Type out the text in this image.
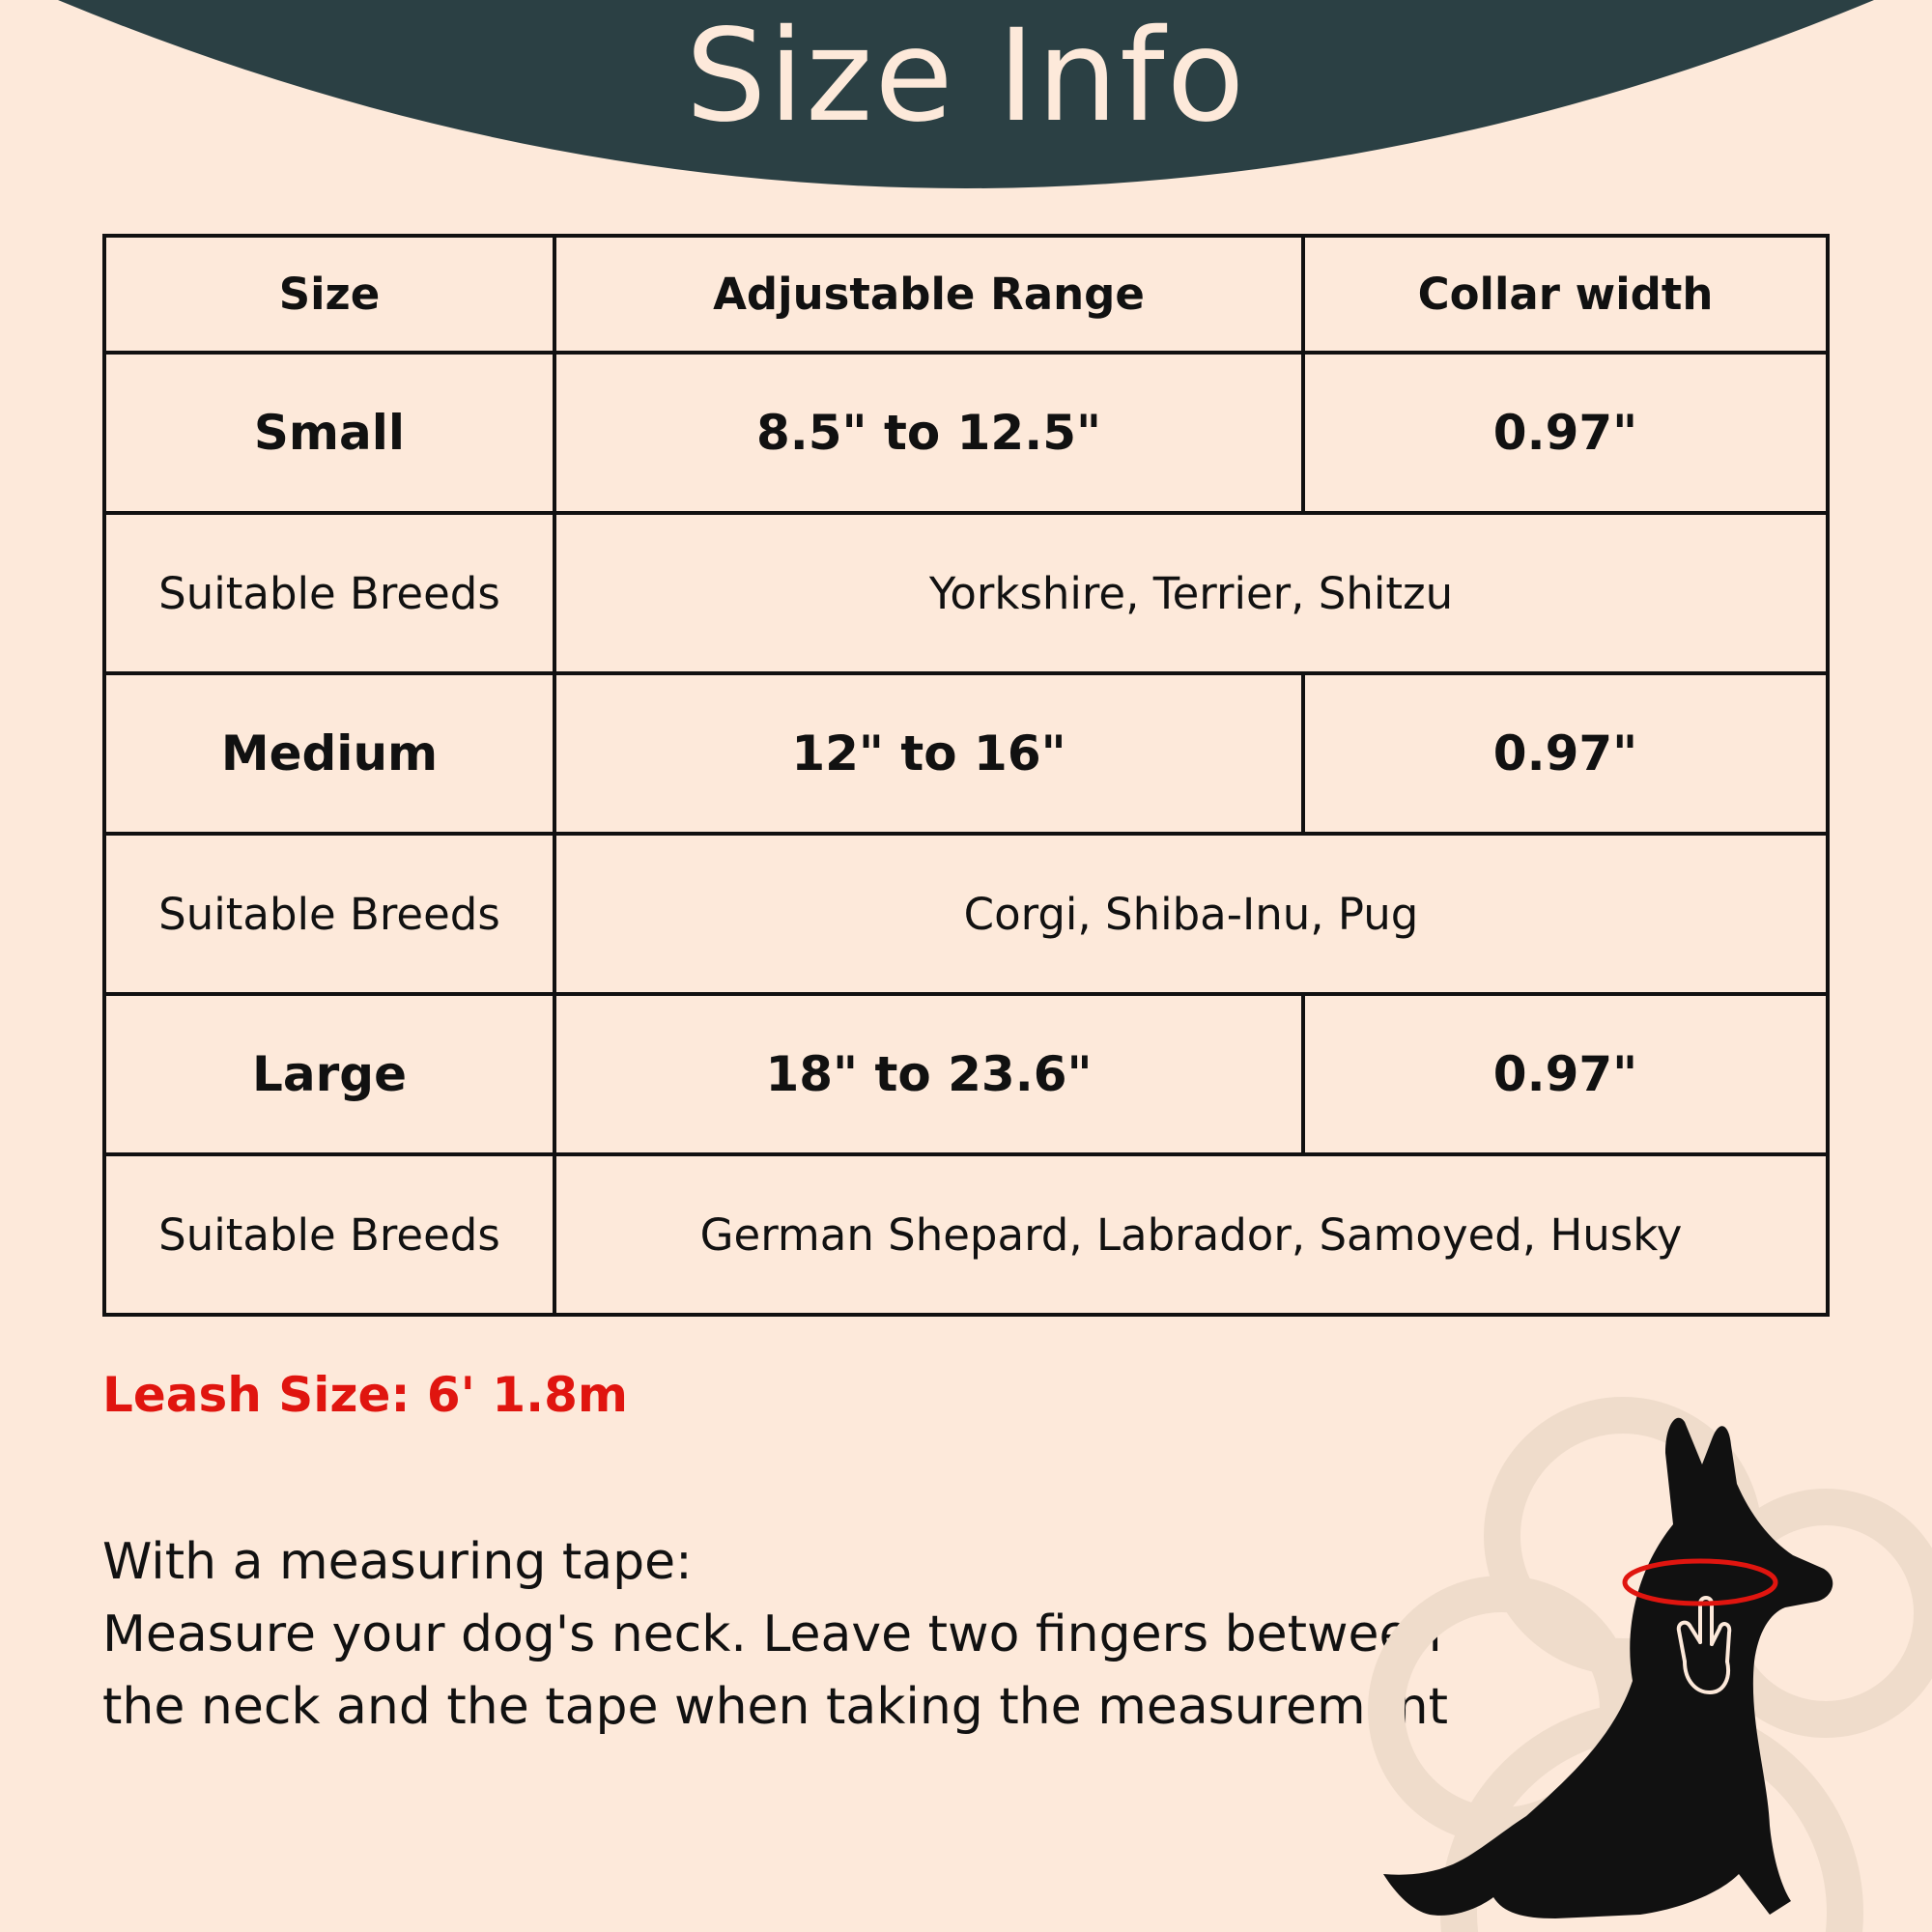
Size Info
Size	Adjustable Range	Collar width
Small	8.5" to 12.5"	0.97"
Suitable Breeds	Yorkshire, Terrier, Shitzu	
Medium	12" to 16"	0.97"
Suitable Breeds	Corgi, Shiba-Inu, Pug	
Large	18" to 23.6"	0.97"
Suitable Breeds	German Shepard, Labrador, Samoyed, Husky	

Leash Size: 6' 1.8m

With a measuring tape:
Measure your dog's neck. Leave two fingers between
the neck and the tape when taking the measurement
